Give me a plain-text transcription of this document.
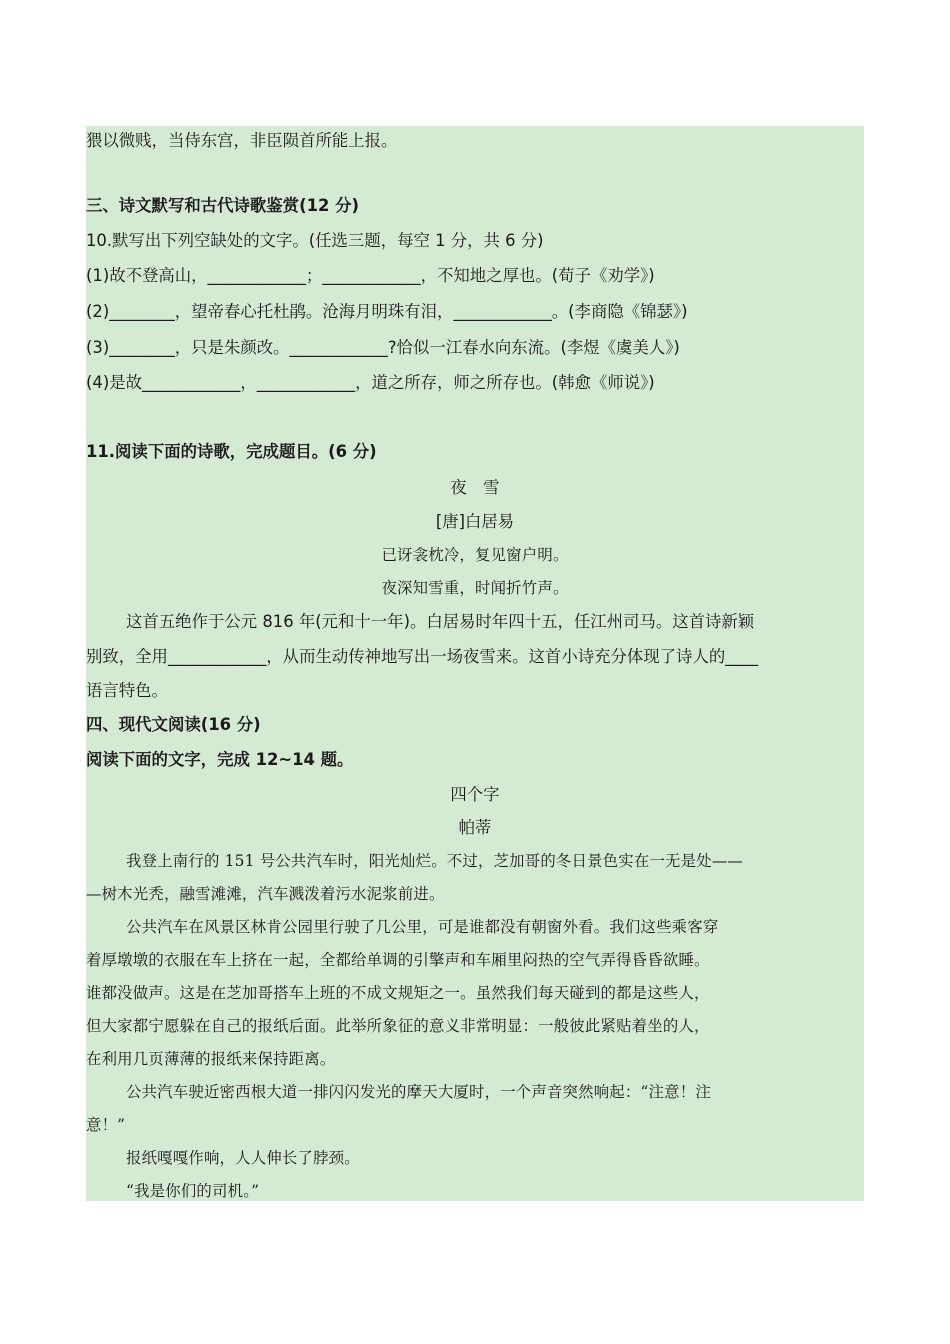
猥以微贱，当侍东宫，非臣陨首所能上报。
三、诗文默写和古代诗歌鉴赏(12 分)
10.默写出下列空缺处的文字。(任选三题，每空 1 分，共 6 分)
(1)故不登高山，____________；____________，不知地之厚也。(荀子《劝学》)
(2)________，望帝春心托杜鹃。沧海月明珠有泪，____________。(李商隐《锦瑟》)
(3)________，只是朱颜改。____________?恰似一江春水向东流。(李煜《虞美人》)
(4)是故____________，____________，道之所存，师之所存也。(韩愈《师说》)
11.阅读下面的诗歌，完成题目。(6 分)
夜　雪
[唐]白居易
已讶衾枕冷，复见窗户明。
夜深知雪重，时闻折竹声。
这首五绝作于公元 816 年(元和十一年)。白居易时年四十五，任江州司马。这首诗新颖
别致，全用____________，从而生动传神地写出一场夜雪来。这首小诗充分体现了诗人的____
语言特色。
四、现代文阅读(16 分)
阅读下面的文字，完成 12~14 题。
四个字
帕蒂
我登上南行的 151 号公共汽车时，阳光灿烂。不过，芝加哥的冬日景色实在一无是处——
—树木光秃，融雪滩滩，汽车溅泼着污水泥浆前进。
公共汽车在风景区林肯公园里行驶了几公里，可是谁都没有朝窗外看。我们这些乘客穿
着厚墩墩的衣服在车上挤在一起，全都给单调的引擎声和车厢里闷热的空气弄得昏昏欲睡。
谁都没做声。这是在芝加哥搭车上班的不成文规矩之一。虽然我们每天碰到的都是这些人，
但大家都宁愿躲在自己的报纸后面。此举所象征的意义非常明显：一般彼此紧贴着坐的人，
在利用几页薄薄的报纸来保持距离。
公共汽车驶近密西根大道一排闪闪发光的摩天大厦时，一个声音突然响起：“注意！注
意！”
报纸嘎嘎作响，人人伸长了脖颈。
“我是你们的司机。”
